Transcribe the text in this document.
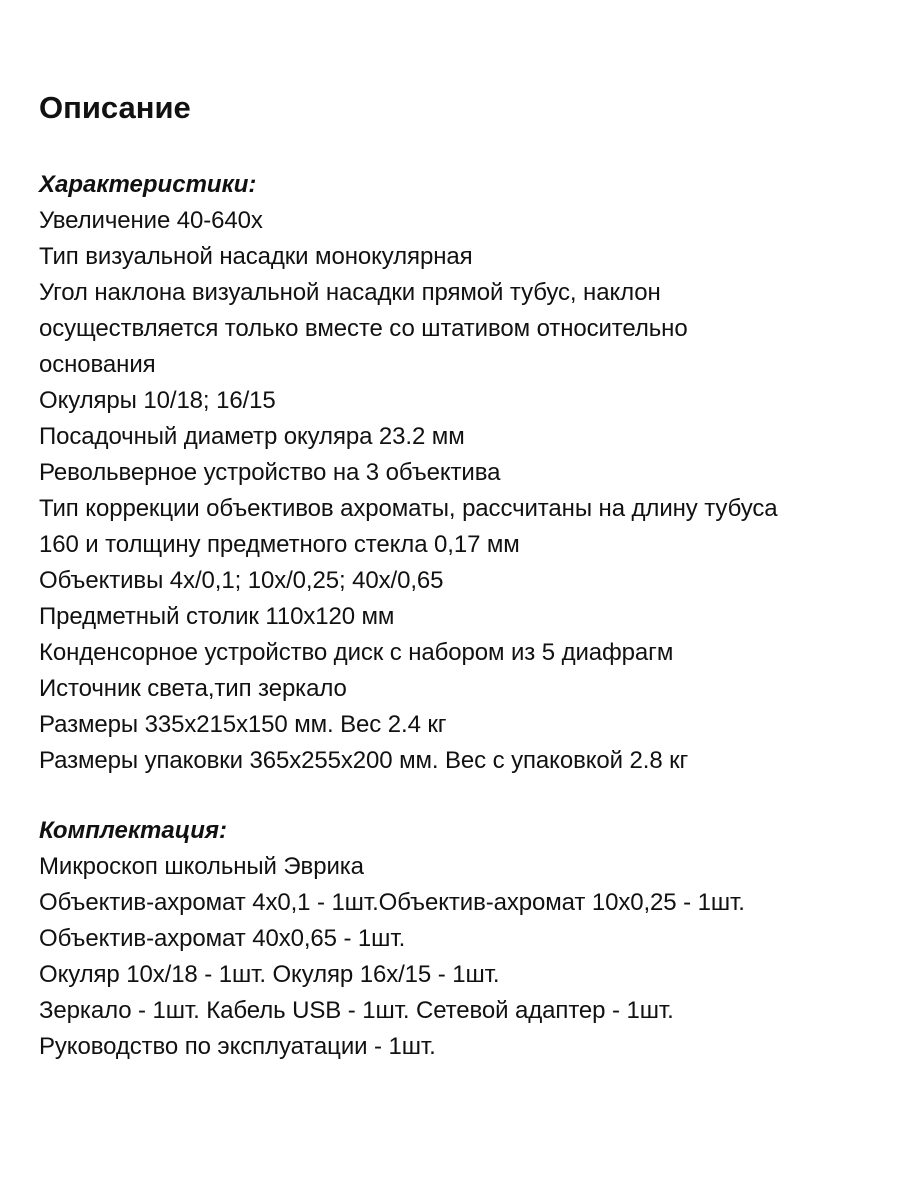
Описание
Характеристики:
Увеличение 40-640x
Тип визуальной насадки монокулярная
Угол наклона визуальной насадки прямой тубус, наклон
осуществляется только вместе со штативом относительно
основания
Окуляры 10/18; 16/15
Посадочный диаметр окуляра 23.2 мм
Револьверное устройство на 3 объектива
Тип коррекции объективов ахроматы, рассчитаны на длину тубуса
160 и толщину предметного стекла 0,17 мм
Объективы 4x/0,1; 10x/0,25; 40x/0,65
Предметный столик 110x120 мм
Конденсорное устройство диск с набором из 5 диафрагм
Источник света,тип зеркало
Размеры 335x215x150 мм. Вес 2.4 кг
Размеры упаковки 365x255x200 мм. Вес с упаковкой 2.8 кг
Комплектация:
Микроскоп школьный Эврика
Объектив-ахромат 4x0,1 - 1шт.Объектив-ахромат 10x0,25 - 1шт.
Объектив-ахромат 40x0,65 - 1шт.
Окуляр 10x/18 - 1шт. Окуляр 16x/15 - 1шт.
Зеркало - 1шт. Кабель USB - 1шт. Сетевой адаптер - 1шт.
Руководство по эксплуатации - 1шт.
